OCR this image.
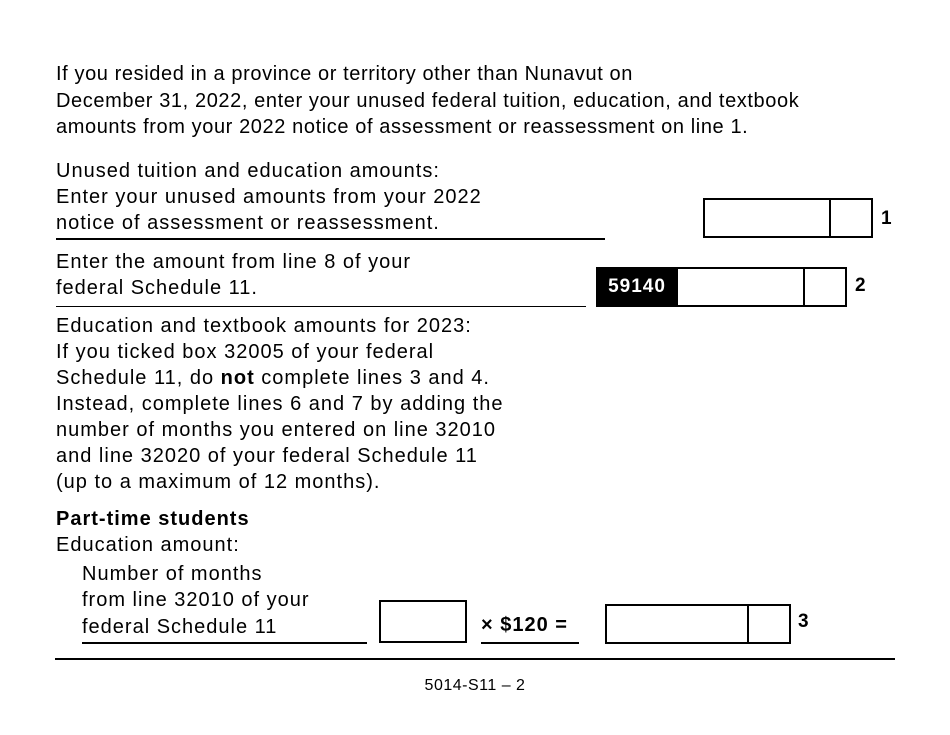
If you resided in a province or territory other than Nunavut on
December 31, 2022, enter your unused federal tuition, education, and textbook
amounts from your 2022 notice of assessment or reassessment on line 1.
Unused tuition and education amounts:
Enter your unused amounts from your 2022
notice of assessment or reassessment.	1
Enter the amount from line 8 of your
federal Schedule 11.	59140	2
Education and textbook amounts for 2023:
If you ticked box 32005 of your federal
Schedule 11, do not complete lines 3 and 4.
Instead, complete lines 6 and 7 by adding the
number of months you entered on line 32010
and line 32020 of your federal Schedule 11
(up to a maximum of 12 months).
Part-time students
Education amount:
Number of months
from line 32010 of your
federal Schedule 11	× $120 =	3
5014-S11 – 2
